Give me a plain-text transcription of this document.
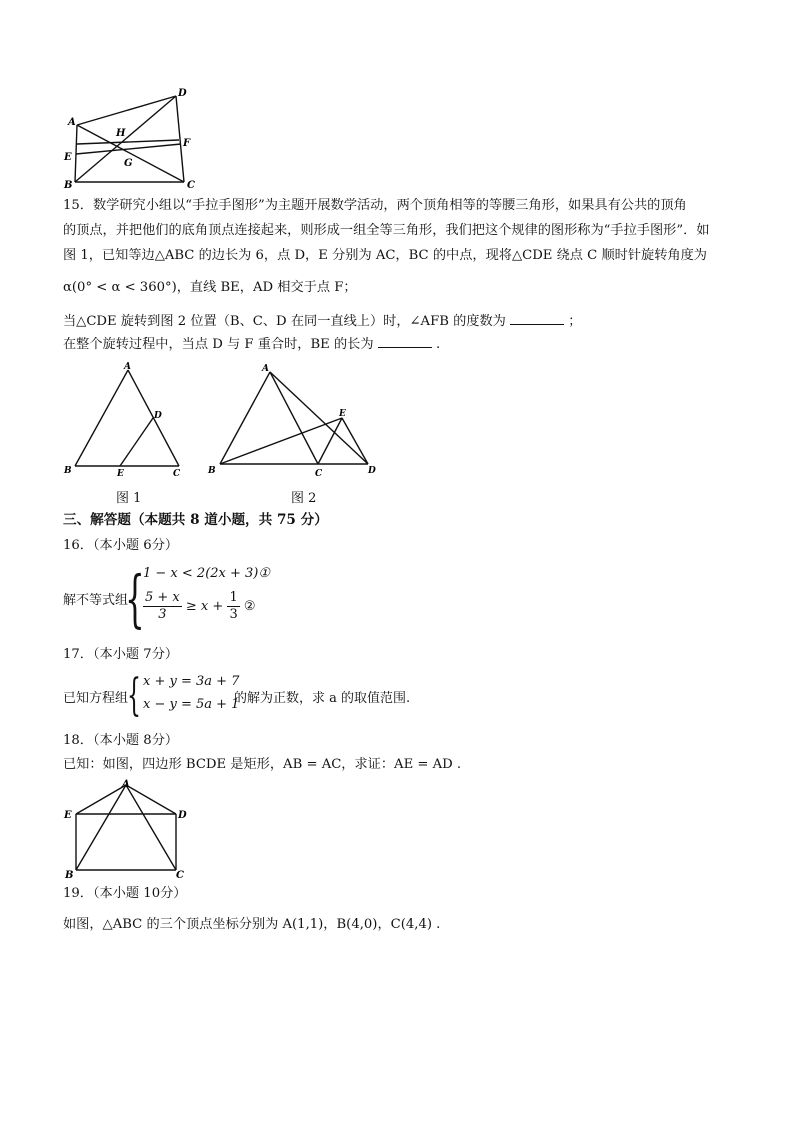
A
D
H
F
E
G
B	C
15．数学研究小组以“手拉手图形”为主题开展数学活动，两个顶角相等的等腰三角形，如果具有公共的顶角
的顶点，并把他们的底角顶点连接起来，则形成一组全等三角形，我们把这个规律的图形称为“手拉手图形”．如
图 1，已知等边△ABC 的边长为 6，点 D，E 分别为 AC，BC 的中点，现将△CDE 绕点 C 顺时针旋转角度为
α(0° < α < 360°)，直线 BE，AD 相交于点 F；
当△CDE 旋转到图 2 位置（B、C、D 在同一直线上）时，∠AFB 的度数为	；
在整个旋转过程中，当点 D 与 F 重合时，BE 的长为	.
A
D
B	E	C
图 1
A
E
B	C	D
图 2
三、解答题（本题共 8 道小题，共 75 分）
16．（本小题 6分）
解不等式组
{
1 − x < 2(2x + 3)①
$\frac{5 + x}{3} \ge x + \frac{1}{3}$ ②
17．（本小题 7分）
已知方程组
{ x + y = 3a + 7
x − y = 5a + 1
的解为正数，求 a 的取值范围.
18．（本小题 8分）
已知：如图，四边形 BCDE 是矩形，AB = AC，求证：AE = AD .
A
E	D
B	C
19．（本小题 10分）
如图，△ABC 的三个顶点坐标分别为 A(1,1)，B(4,0)，C(4,4) .
